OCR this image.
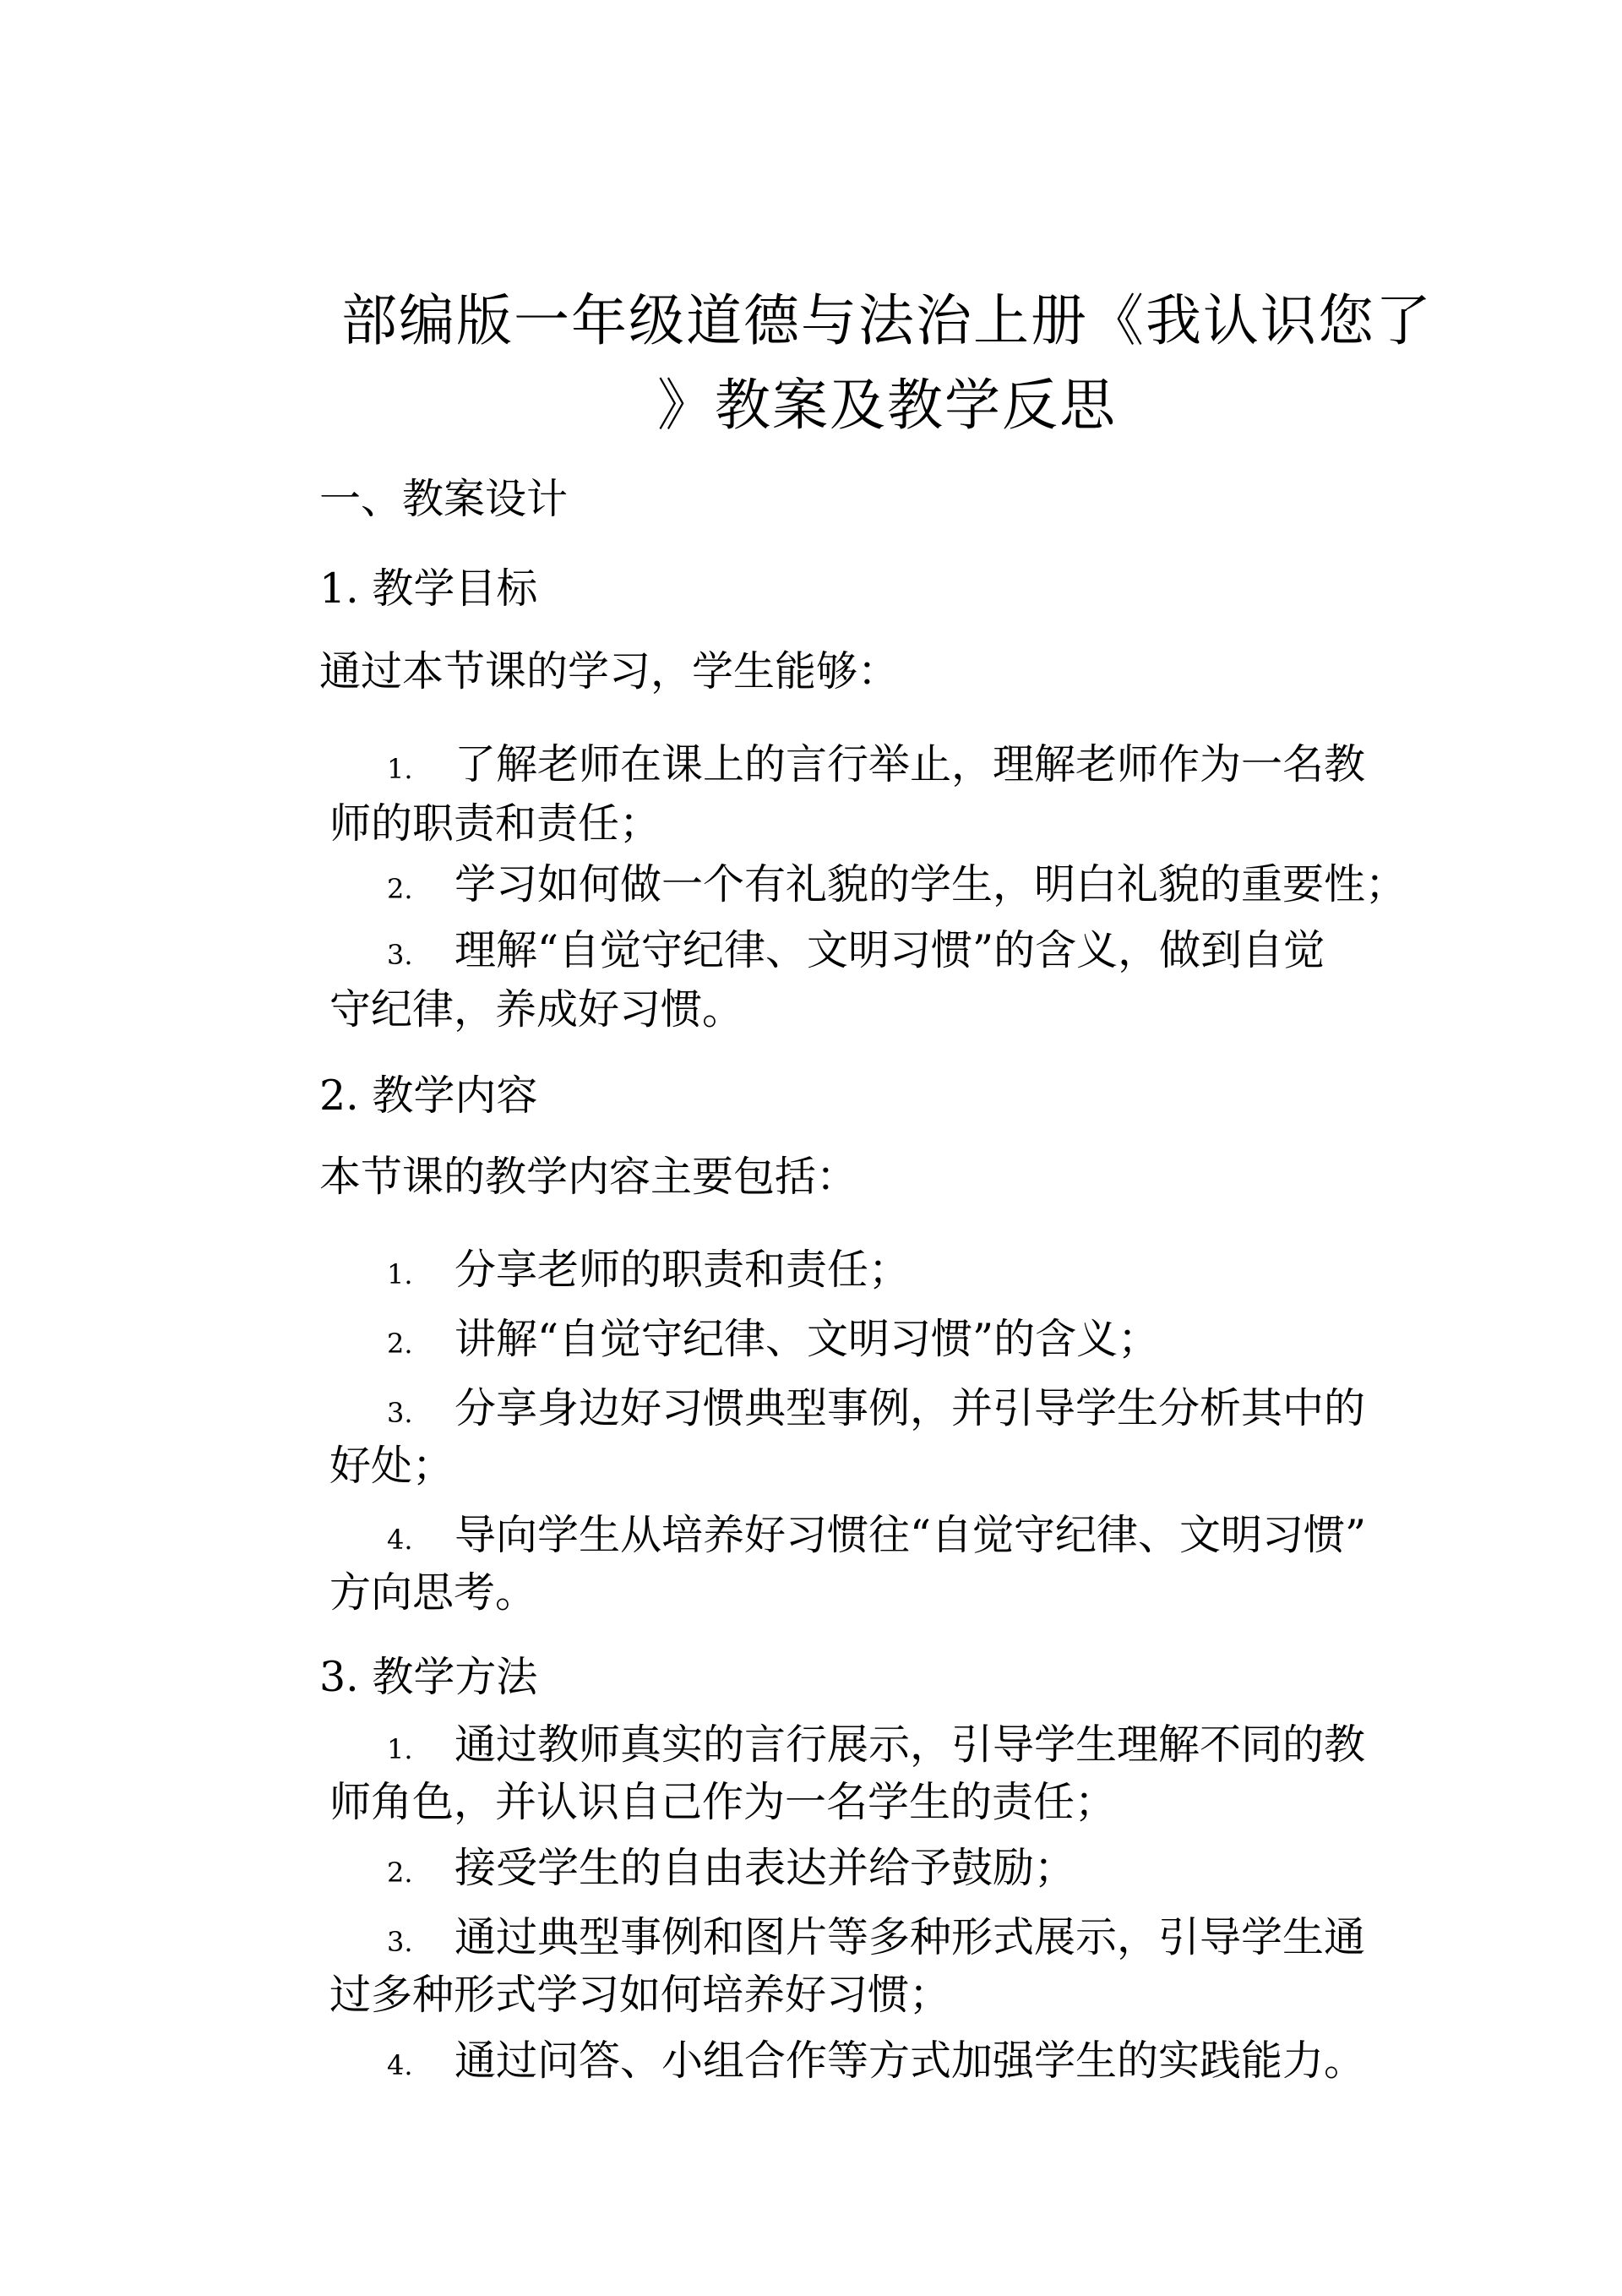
部编版一年级道德与法治上册《我认识您了
》教案及教学反思
一、教案设计
1. 教学目标
通过本节课的学习，学生能够：
1. 了解老师在课上的言行举止，理解老师作为一名教
师的职责和责任；
2. 学习如何做一个有礼貌的学生，明白礼貌的重要性；
3. 理解“自觉守纪律、文明习惯”的含义，做到自觉
守纪律，养成好习惯。
2. 教学内容
本节课的教学内容主要包括：
1. 分享老师的职责和责任；
2. 讲解“自觉守纪律、文明习惯”的含义；
3. 分享身边好习惯典型事例，并引导学生分析其中的
好处；
4. 导向学生从培养好习惯往“自觉守纪律、文明习惯”
方向思考。
3. 教学方法
1. 通过教师真实的言行展示，引导学生理解不同的教
师角色，并认识自己作为一名学生的责任；
2. 接受学生的自由表达并给予鼓励；
3. 通过典型事例和图片等多种形式展示，引导学生通
过多种形式学习如何培养好习惯；
4. 通过问答、小组合作等方式加强学生的实践能力。
